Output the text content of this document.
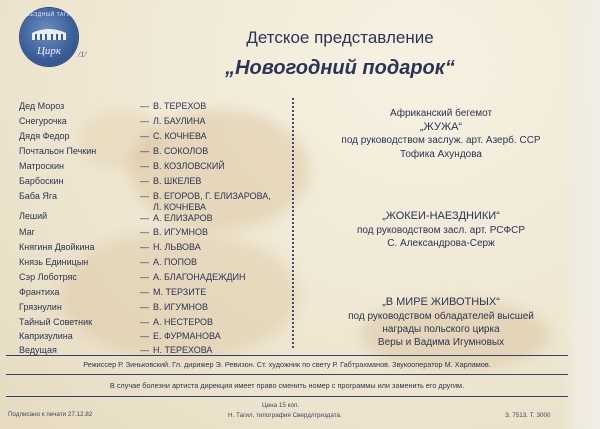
ЗВЕЗДНЫЙ ТАГИЛ
Цирк	/1/
Детское представление
„Новогодний подарок“
Дед Мороз	— В. ТЕРЕХОВ
Снегурочка	— Л. БАУЛИНА
Дядя Федор	— С. КОЧНЕВА
Почтальон Печкин	— В. СОКОЛОВ
Матроскин	— В. КОЗЛОВСКИЙ
Барбоскин	— В. ШКЕЛЕВ
Баба Яга	— В. ЕГОРОВ, Г. ЕЛИЗАРОВА,
Л. КОЧНЕВА
Леший	— А. ЕЛИЗАРОВ
Маг	— В. ИГУМНОВ
Княгиня Двойкина	— Н. ЛЬВОВА
Князь Единицын	— А. ПОПОВ
Сэр Лоботряс	— А. БЛАГОНАДЕЖДИН
Франтиха	— М. ТЕРЗИТЕ
Грязнулин	— В. ИГУМНОВ
Тайный Советник	— А. НЕСТЕРОВ
Капризулина	— Е. ФУРМАНОВА
Ведущая	— Н. ТЕРЕХОВА
Африканский бегемот
„ЖУЖА“
под руководством заслуж. арт. Азерб. ССР
Тофика Ахундова
„ЖОКЕИ-НАЕЗДНИКИ“
под руководством засл. арт. РСФСР
С. Александрова-Серж
„В МИРЕ ЖИВОТНЫХ“
под руководством обладателей высшей
награды польского цирка
Веры и Вадима Игумновых
Режиссер Р. Зиньковский. Гл. дирижер Э. Ревизон. Ст. художник по свету Р. Габтрахманов. Звукооператор М. Харламов.
В случае болезни артиста дирекция имеет право сменить номер с программы или заменить его другим.
Подписано к печати 27.12.82
Цена 15 коп.
Н. Тагил, типография Свердлгриздата.	З. 7513. Т. 3000
